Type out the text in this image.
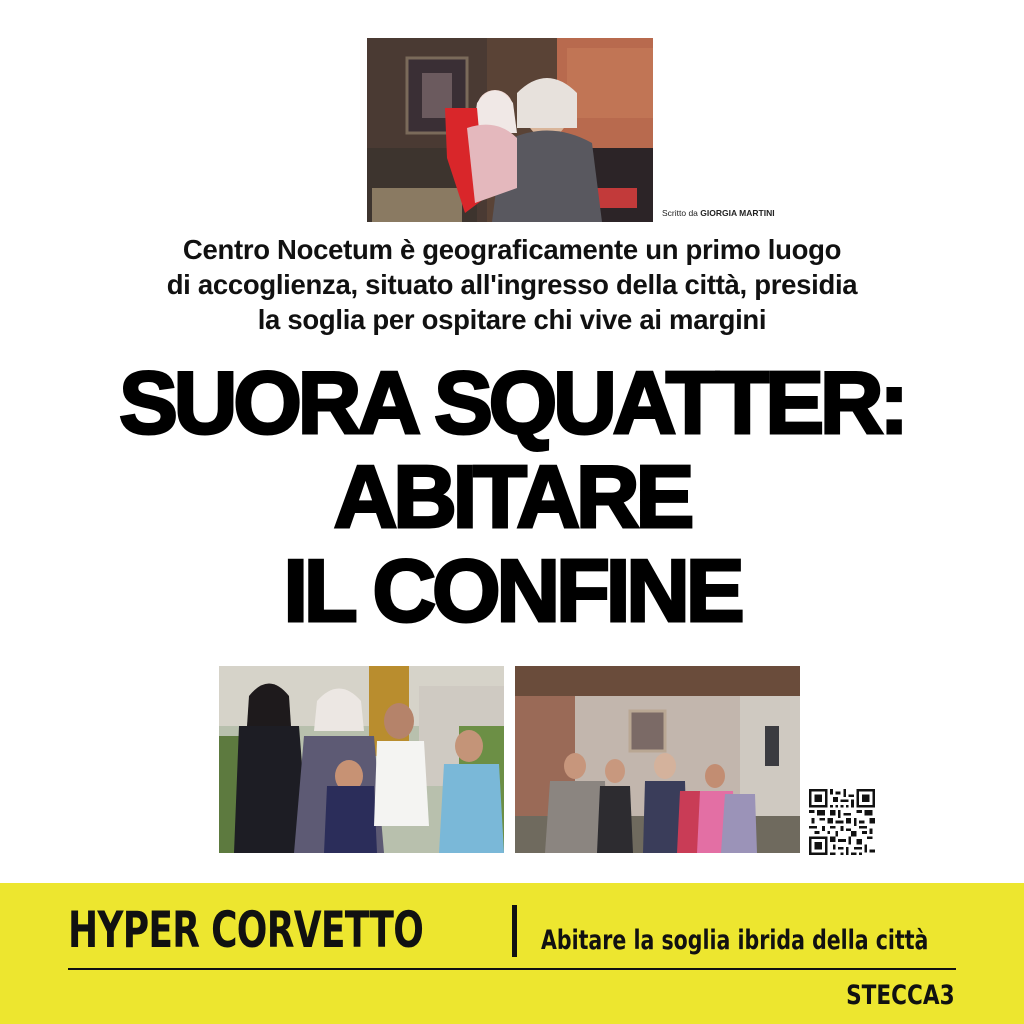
Scritto da GIORGIA MARTINI
Centro Nocetum è geograficamente un primo luogo
di accoglienza, situato all'ingresso della città, presidia
la soglia per ospitare chi vive ai margini
SUORA SQUATTER:
ABITARE
IL CONFINE
HYPER CORVETTO	Abitare la soglia ibrida della città
STECCA3
